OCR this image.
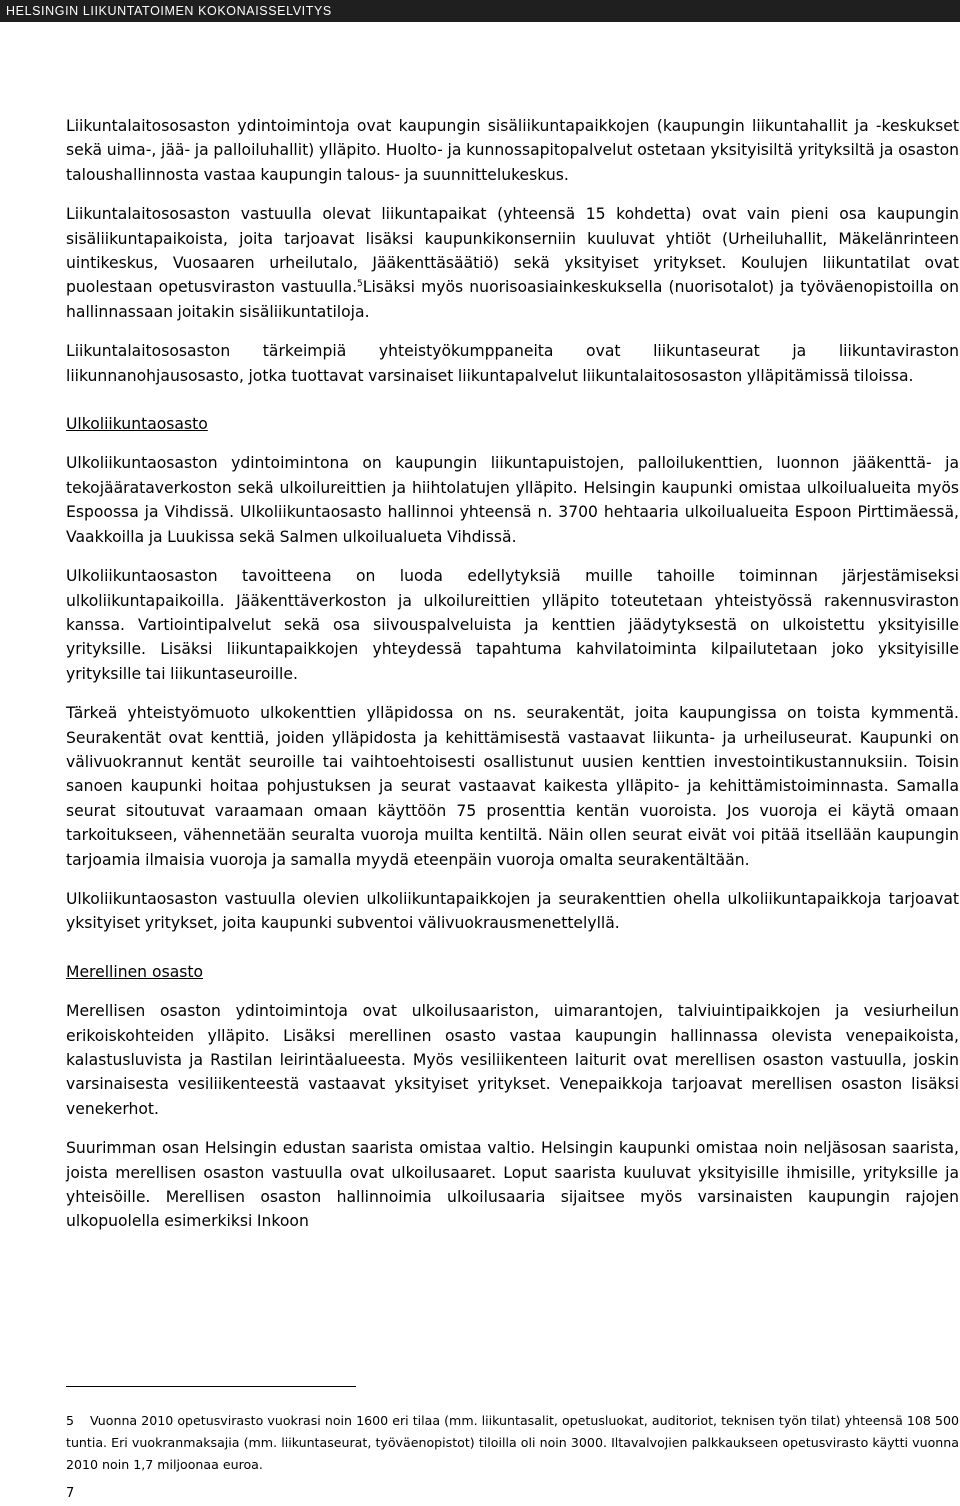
HELSINGIN LIIKUNTATOIMEN KOKONAISSELVITYS

Liikuntalaitososaston ydintoimintoja ovat kaupungin sisäliikuntapaikkojen (kaupungin liikuntahallit ja -keskukset sekä uima-, jää- ja palloiluhallit) ylläpito. Huolto- ja kunnossapitopalvelut ostetaan yksityisiltä yrityksiltä ja osaston taloushallinnosta vastaa kaupungin talous- ja suunnittelukeskus.

Liikuntalaitososaston vastuulla olevat liikuntapaikat (yhteensä 15 kohdetta) ovat vain pieni osa kaupungin sisäliikuntapaikoista, joita tarjoavat lisäksi kaupunkikonserniin kuuluvat yhtiöt (Urheiluhallit, Mäkelänrinteen uintikeskus, Vuosaaren urheilutalo, Jääkenttäsäätiö) sekä yksityiset yritykset. Koulujen liikuntatilat ovat puolestaan opetusviraston vastuulla.$^5$Lisäksi myös nuorisoasiainkeskuksella (nuorisotalot) ja työväenopistoilla on hallinnassaan joitakin sisäliikuntatiloja.

Liikuntalaitososaston tärkeimpiä yhteistyökumppaneita ovat liikuntaseurat ja liikuntaviraston liikunnanohjausosasto, jotka tuottavat varsinaiset liikuntapalvelut liikuntalaitososaston ylläpitämissä tiloissa.

Ulkoliikuntaosasto

Ulkoliikuntaosaston ydintoimintona on kaupungin liikuntapuistojen, palloilukenttien, luonnon jääkenttä- ja tekojäärataverkoston sekä ulkoilureittien ja hiihtolatujen ylläpito. Helsingin kaupunki omistaa ulkoilualueita myös Espoossa ja Vihdissä. Ulkoliikuntaosasto hallinnoi yhteensä n. 3700 hehtaaria ulkoilualueita Espoon Pirttimäessä, Vaakkoilla ja Luukissa sekä Salmen ulkoilualueta Vihdissä.

Ulkoliikuntaosaston tavoitteena on luoda edellytyksiä muille tahoille toiminnan järjestämiseksi ulkoliikuntapaikoilla. Jääkenttäverkoston ja ulkoilureittien ylläpito toteutetaan yhteistyössä rakennusviraston kanssa. Vartiointipalvelut sekä osa siivouspalveluista ja kenttien jäädytyksestä on ulkoistettu yksityisille yrityksille. Lisäksi liikuntapaikkojen yhteydessä tapahtuma kahvilatoiminta kilpailutetaan joko yksityisille yrityksille tai liikuntaseuroille.

Tärkeä yhteistyömuoto ulkokenttien ylläpidossa on ns. seurakentät, joita kaupungissa on toista kymmentä. Seurakentät ovat kenttiä, joiden ylläpidosta ja kehittämisestä vastaavat liikunta- ja urheiluseurat. Kaupunki on välivuokrannut kentät seuroille tai vaihtoehtoisesti osallistunut uusien kenttien investointikustannuksiin. Toisin sanoen kaupunki hoitaa pohjustuksen ja seurat vastaavat kaikesta ylläpito- ja kehittämistoiminnasta. Samalla seurat sitoutuvat varaamaan omaan käyttöön 75 prosenttia kentän vuoroista. Jos vuoroja ei käytä omaan tarkoitukseen, vähennetään seuralta vuoroja muilta kentiltä. Näin ollen seurat eivät voi pitää itsellään kaupungin tarjoamia ilmaisia vuoroja ja samalla myydä eteenpäin vuoroja omalta seurakentältään.

Ulkoliikuntaosaston vastuulla olevien ulkoliikuntapaikkojen ja seurakenttien ohella ulkoliikuntapaikkoja tarjoavat yksityiset yritykset, joita kaupunki subventoi välivuokrausmenettelyllä.

Merellinen osasto

Merellisen osaston ydintoimintoja ovat ulkoilusaariston, uimarantojen, talviuintipaikkojen ja vesiurheilun erikoiskohteiden ylläpito. Lisäksi merellinen osasto vastaa kaupungin hallinnassa olevista venepaikoista, kalastusluvista ja Rastilan leirintäalueesta. Myös vesiliikenteen laiturit ovat merellisen osaston vastuulla, joskin varsinaisesta vesiliikenteestä vastaavat yksityiset yritykset. Venepaikkoja tarjoavat merellisen osaston lisäksi venekerhot.

Suurimman osan Helsingin edustan saarista omistaa valtio. Helsingin kaupunki omistaa noin neljäsosan saarista, joista merellisen osaston vastuulla ovat ulkoilusaaret. Loput saarista kuuluvat yksityisille ihmisille, yrityksille ja yhteisöille. Merellisen osaston hallinnoimia ulkoilusaaria sijaitsee myös varsinaisten kaupungin rajojen ulkopuolella esimerkiksi Inkoon

5 Vuonna 2010 opetusvirasto vuokrasi noin 1600 eri tilaa (mm. liikuntasalit, opetusluokat, auditoriot, teknisen työn tilat) yhteensä 108 500 tuntia. Eri vuokranmaksajia (mm. liikuntaseurat, työväenopistot) tiloilla oli noin 3000. Iltavalvojien palkkaukseen opetusvirasto käytti vuonna 2010 noin 1,7 miljoonaa euroa.
7
